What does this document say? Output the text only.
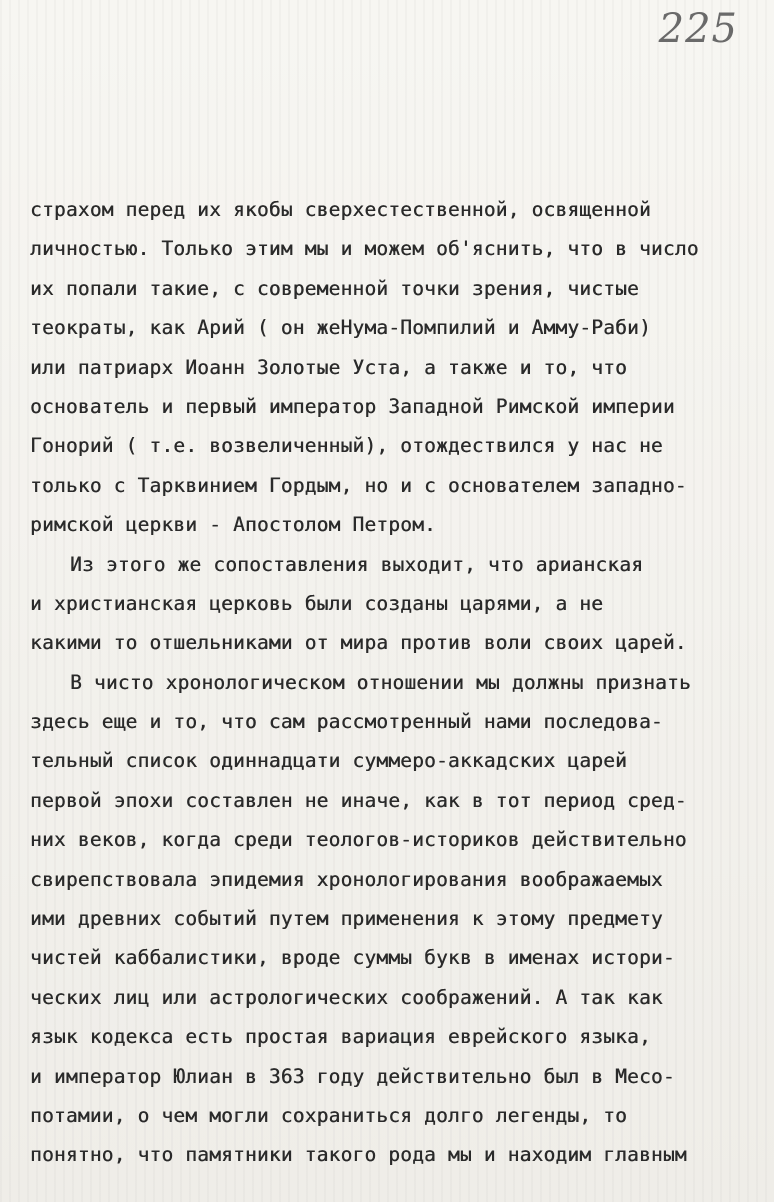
225
страхом перед их якобы сверхестественной, освященной
личностью. Только этим мы и можем об'яснить, что в число
их попали такие, с современной точки зрения, чистые
теократы, как Арий ( он жеНума-Помпилий и Амму-Раби)
или патриарх Иоанн Золотые Уста, а также и то, что
основатель и первый император Западной Римской империи
Гонорий ( т.е. возвеличенный), отождествился у нас не
только с Тарквинием Гордым, но и с основателем западно-
римской церкви - Апостолом Петром.
Из этого же сопоставления выходит, что арианская
и христианская церковь были созданы царями, а не
какими то отшельниками от мира против воли своих царей.
В чисто хронологическом отношении мы должны признать
здесь еще и то, что сам рассмотренный нами последова-
тельный список одиннадцати суммеро-аккадских царей
первой эпохи составлен не иначе, как в тот период сред-
них веков, когда среди теологов-историков действительно
свирепствовала эпидемия хронологирования воображаемых
ими древних событий путем применения к этому предмету
чистей каббалистики, вроде суммы букв в именах истори-
ческих лиц или астрологических соображений. А так как
язык кодекса есть простая вариация еврейского языка,
и император Юлиан в 363 году действительно был в Месо-
потамии, о чем могли сохраниться долго легенды, то
понятно, что памятники такого рода мы и находим главным
